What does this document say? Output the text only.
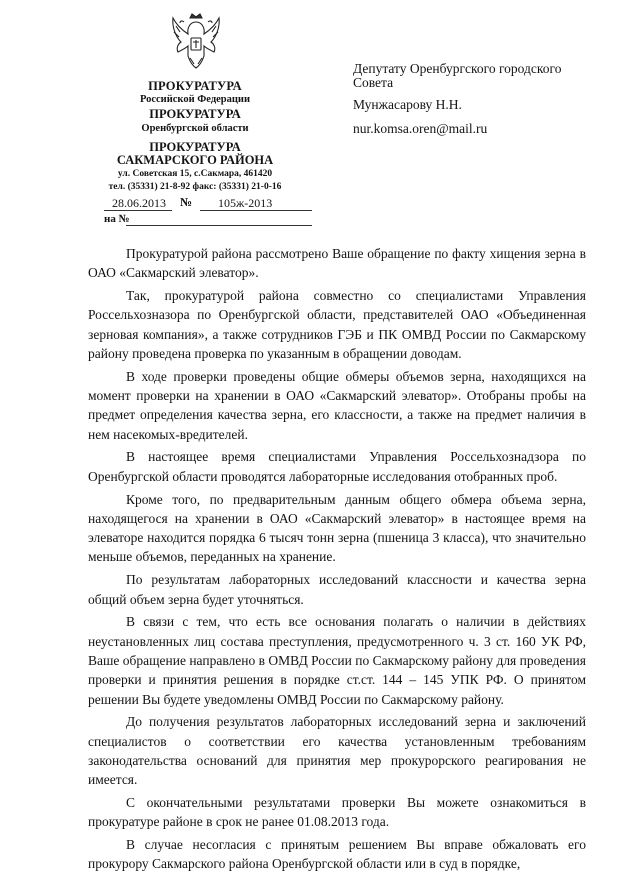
ПРОКУРАТУРА
Российской Федерации
ПРОКУРАТУРА
Оренбургской области
ПРОКУРАТУРА
САКМАРСКОГО РАЙОНА
ул. Советская 15, с.Сакмара, 461420
тел. (35331) 21-8-92 факс: (35331) 21-0-16
28.06.2013 № 105ж-2013
на №
Депутату Оренбургского городского Совета
Мунжасарову Н.Н.
nur.komsa.oren@mail.ru

Прокуратурой района рассмотрено Ваше обращение по факту хищения зерна в ОАО «Сакмарский элеватор».

Так, прокуратурой района совместно со специалистами Управления Россельхозназора по Оренбургской области, представителей ОАО «Объединенная зерновая компания», а также сотрудников ГЭБ и ПК ОМВД России по Сакмарскому району проведена проверка по указанным в обращении доводам.

В ходе проверки проведены общие обмеры объемов зерна, находящихся на момент проверки на хранении в ОАО «Сакмарский элеватор». Отобраны пробы на предмет определения качества зерна, его классности, а также на предмет наличия в нем насекомых-вредителей.

В настоящее время специалистами Управления Россельхознадзора по Оренбургской области проводятся лабораторные исследования отобранных проб.

Кроме того, по предварительным данным общего обмера объема зерна, находящегося на хранении в ОАО «Сакмарский элеватор» в настоящее время на элеваторе находится порядка 6 тысяч тонн зерна (пшеница 3 класса), что значительно меньше объемов, переданных на хранение.

По результатам лабораторных исследований классности и качества зерна общий объем зерна будет уточняться.

В связи с тем, что есть все основания полагать о наличии в действиях неустановленных лиц состава преступления, предусмотренного ч. 3 ст. 160 УК РФ, Ваше обращение направлено в ОМВД России по Сакмарскому району для проведения проверки и принятия решения в порядке ст.ст. 144 – 145 УПК РФ. О принятом решении Вы будете уведомлены ОМВД России по Сакмарскому району.

До получения результатов лабораторных исследований зерна и заключений специалистов о соответствии его качества установленным требованиям законодательства оснований для принятия мер прокурорского реагирования не имеется.

С окончательными результатами проверки Вы можете ознакомиться в прокуратуре районе в срок не ранее 01.08.2013 года.

В случае несогласия с принятым решением Вы вправе обжаловать его прокурору Сакмарского района Оренбургской области или в суд в порядке,
